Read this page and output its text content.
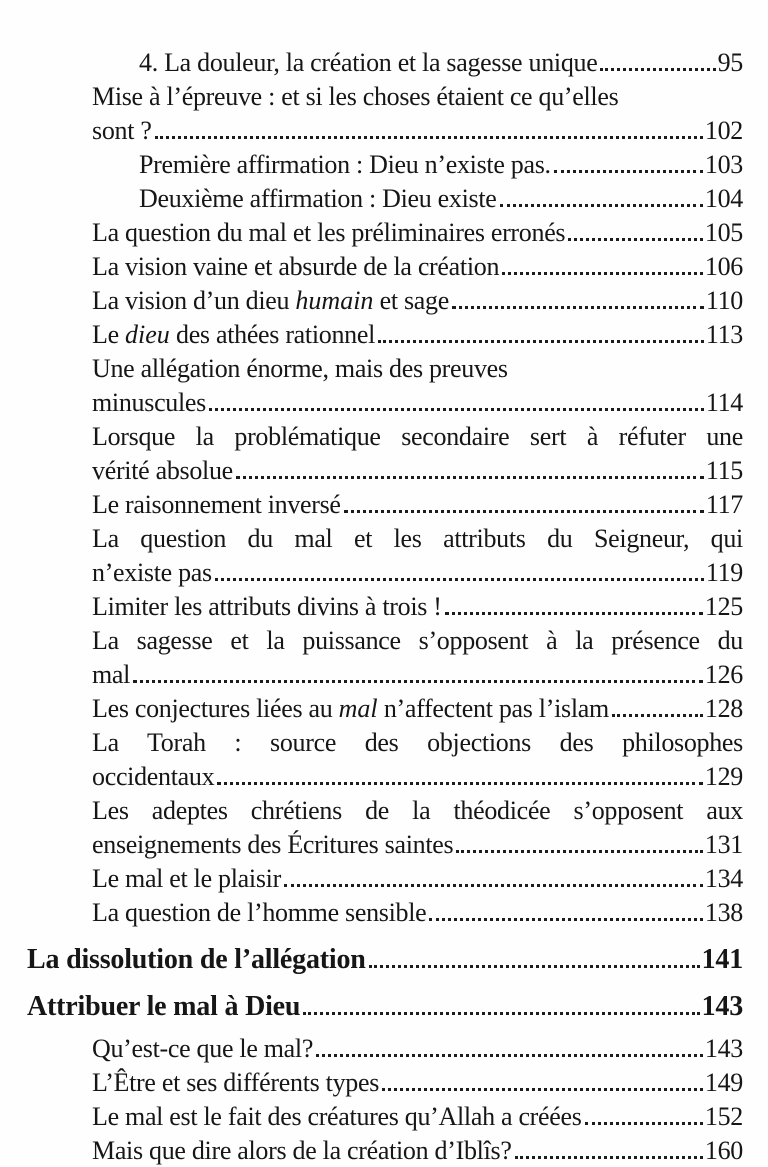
4. La douleur, la création et la sagesse unique	95
Mise à l’épreuve : et si les choses étaient ce qu’elles
sont ?	102
Première affirmation : Dieu n’existe pas.	103
Deuxième affirmation : Dieu existe	104
La question du mal et les préliminaires erronés	105
La vision vaine et absurde de la création	106
La vision d’un dieu humain et sage	110
Le dieu des athées rationnel	113
Une allégation énorme, mais des preuves
minuscules	114
Lorsque la problématique secondaire sert à réfuter une
vérité absolue	115
Le raisonnement inversé	117
La question du mal et les attributs du Seigneur, qui
n’existe pas	119
Limiter les attributs divins à trois !	125
La sagesse et la puissance s’opposent à la présence du
mal	126
Les conjectures liées au mal n’affectent pas l’islam	128
La Torah : source des objections des philosophes
occidentaux	129
Les adeptes chrétiens de la théodicée s’opposent aux
enseignements des Écritures saintes	131
Le mal et le plaisir	134
La question de l’homme sensible	138
La dissolution de l’allégation	141
Attribuer le mal à Dieu	143
Qu’est-ce que le mal?	143
L’Être et ses différents types	149
Le mal est le fait des créatures qu’Allah a créées	152
Mais que dire alors de la création d’Iblîs?	160
